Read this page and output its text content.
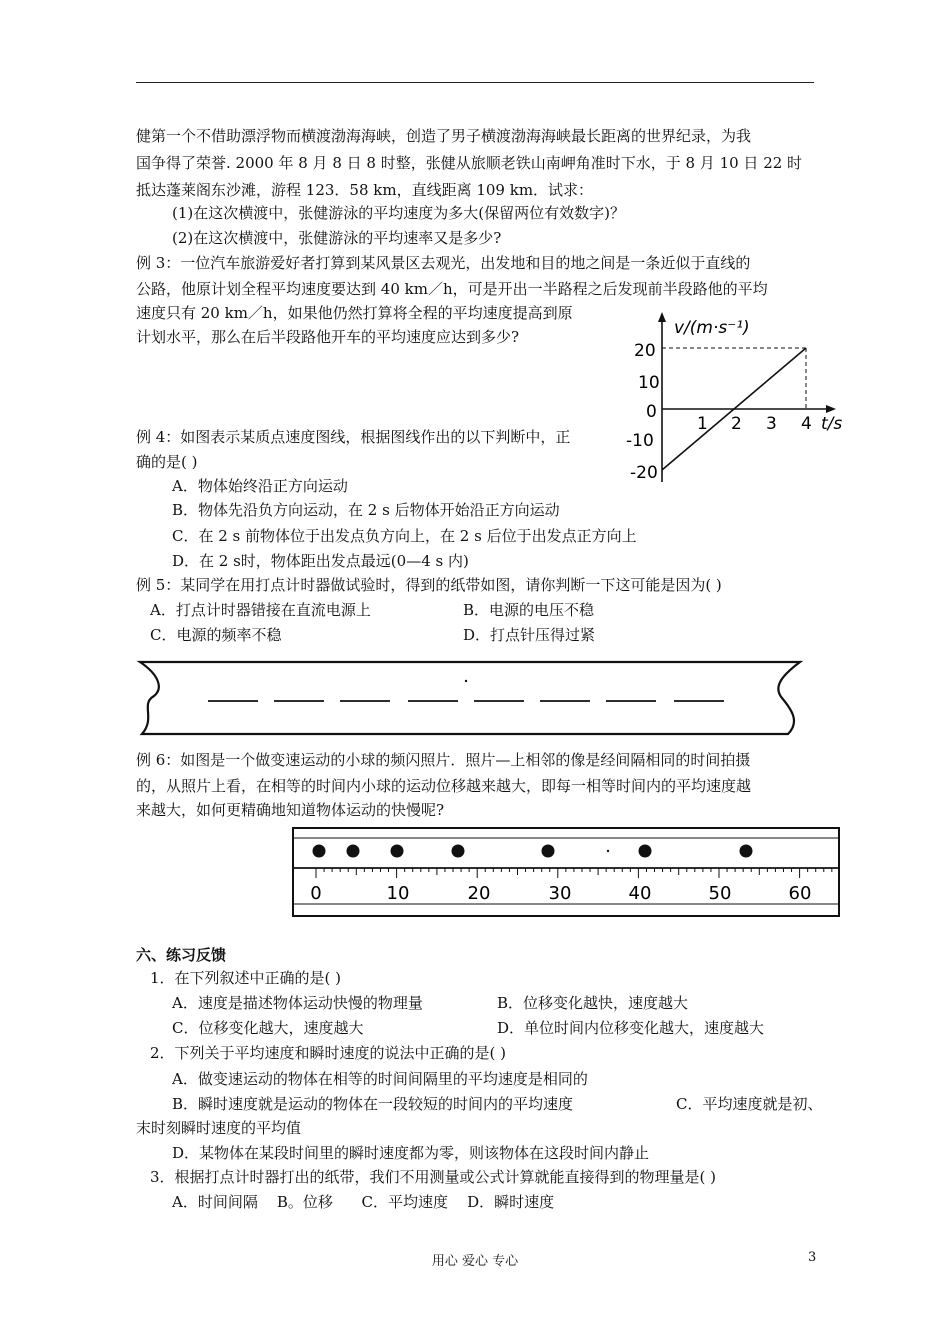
健第一个不借助漂浮物而横渡渤海海峡，创造了男子横渡渤海海峡最长距离的世界纪录，为我
国争得了荣誉. 2000 年 8 月 8 日 8 时整，张健从旅顺老铁山南岬角准时下水，于 8 月 10 日 22 时
抵达蓬莱阁东沙滩，游程 123．58 km，直线距离 109 km．试求：
(1)在这次横渡中，张健游泳的平均速度为多大(保留两位有效数字)？
(2)在这次横渡中，张健游泳的平均速率又是多少?
例 3：一位汽车旅游爱好者打算到某风景区去观光，出发地和目的地之间是一条近似于直线的
公路，他原计划全程平均速度要达到 40 km／h，可是开出一半路程之后发现前半段路他的平均
速度只有 20 km／h，如果他仍然打算将全程的平均速度提高到原
计划水平，那么在后半段路他开车的平均速度应达到多少?	v/(m·s⁻¹)
t/s
20
10
0
-10
-20
1 2 3 4
例 4：如图表示某质点速度图线，根据图线作出的以下判断中，正
确的是( )
A．物体始终沿正方向运动
B．物体先沿负方向运动，在 2 s 后物体开始沿正方向运动
C．在 2 s 前物体位于出发点负方向上，在 2 s 后位于出发点正方向上
D．在 2 s时，物体距出发点最远(0—4 s 内)
例 5：某同学在用打点计时器做试验时，得到的纸带如图，请你判断一下这可能是因为( )
A．打点计时器错接在直流电源上	B．电源的电压不稳
C．电源的频率不稳	D．打点针压得过紧
例 6：如图是一个做变速运动的小球的频闪照片．照片—上相邻的像是经间隔相同的时间拍摄
的，从照片上看，在相等的时间内小球的运动位移越来越大，即每一相等时间内的平均速度越
来越大，如何更精确地知道物体运动的快慢呢?
0	10	20	30	40	50	60
六、练习反馈
1．在下列叙述中正确的是( )
A．速度是描述物体运动快慢的物理量	B．位移变化越快，速度越大
C．位移变化越大，速度越大	D．单位时间内位移变化越大，速度越大
2．下列关于平均速度和瞬时速度的说法中正确的是( )
A．做变速运动的物体在相等的时间间隔里的平均速度是相同的
B．瞬时速度就是运动的物体在一段较短的时间内的平均速度	C．平均速度就是初、
末时刻瞬时速度的平均值
D．某物体在某段时间里的瞬时速度都为零，则该物体在这段时间内静止
3．根据打点计时器打出的纸带，我们不用测量或公式计算就能直接得到的物理量是( )
A．时间间隔    B。位移      C．平均速度    D．瞬时速度
用心 爱心 专心	3
